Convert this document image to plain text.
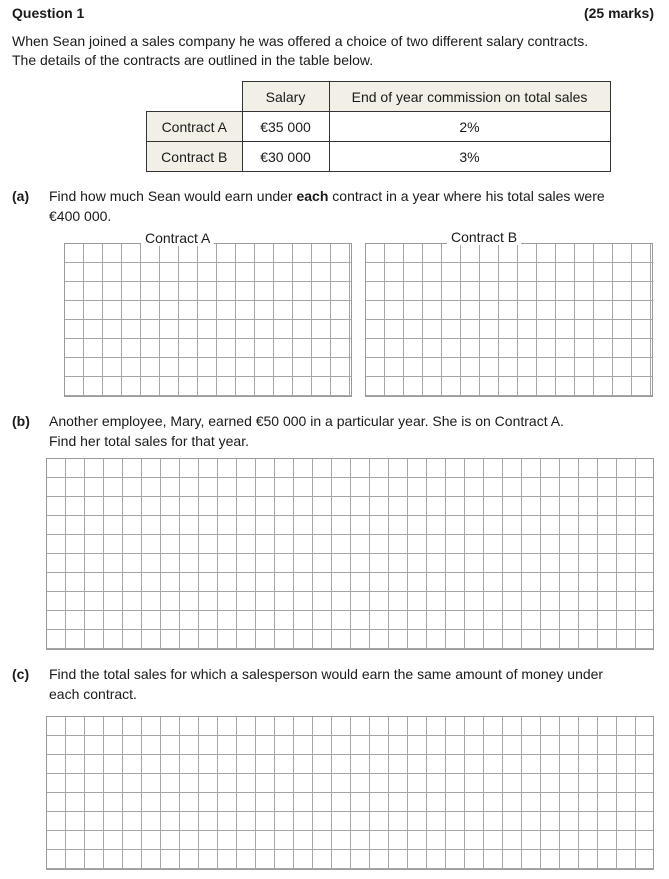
Question 1	(25 marks)
When Sean joined a sales company he was offered a choice of two different salary contracts.
The details of the contracts are outlined in the table below.
	Salary	End of year commission on total sales
Contract A	€35 000	2%
Contract B	€30 000	3%
(a) Find how much Sean would earn under each contract in a year where his total sales were
€400 000.
Contract A	Contract B
(b) Another employee, Mary, earned €50 000 in a particular year. She is on Contract A.
Find her total sales for that year.
(c) Find the total sales for which a salesperson would earn the same amount of money under
each contract.
